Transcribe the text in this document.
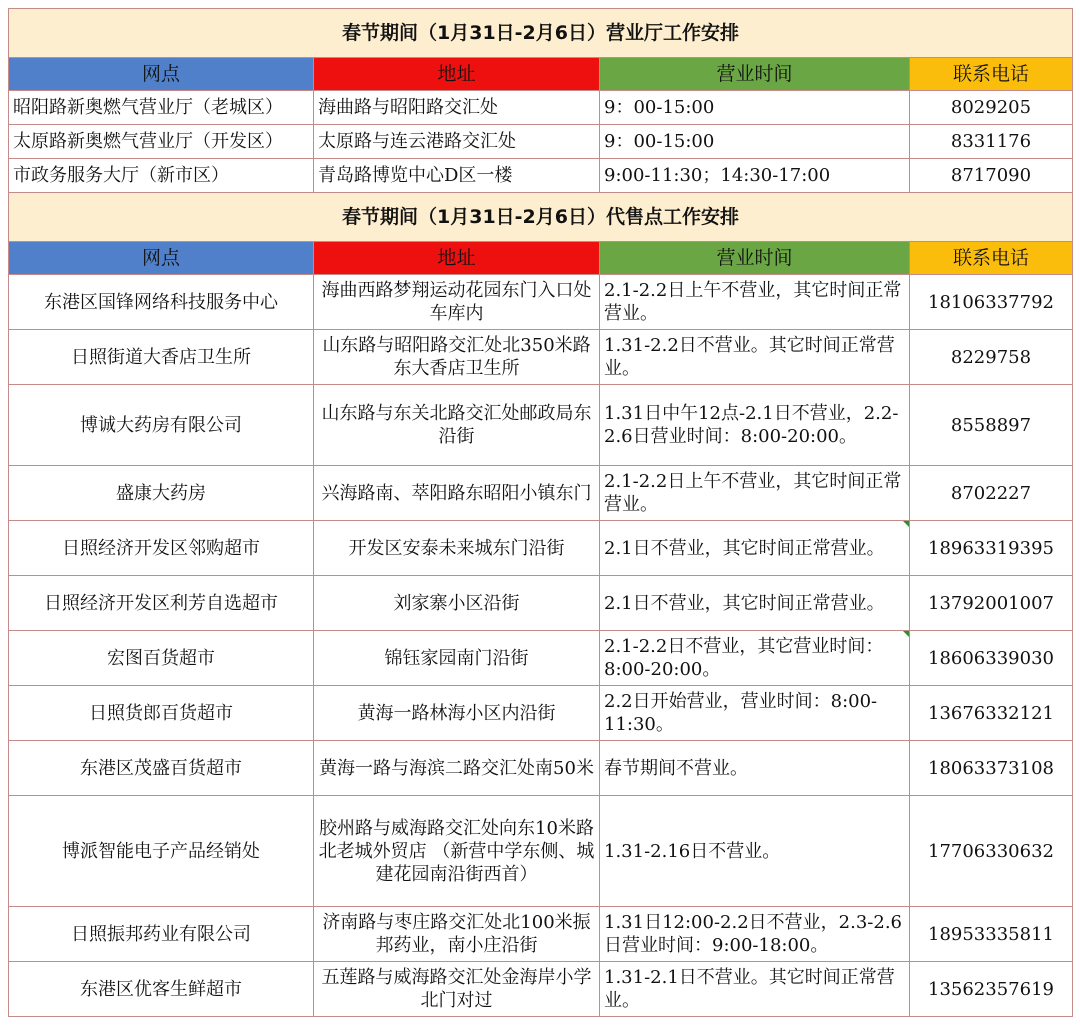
春节期间（1月31日-2月6日）营业厅工作安排			
网点	地址	营业时间	联系电话
昭阳路新奥燃气营业厅（老城区）	海曲路与昭阳路交汇处	9：00-15:00	8029205
太原路新奥燃气营业厅（开发区）	太原路与连云港路交汇处	9：00-15:00	8331176
市政务服务大厅（新市区）	青岛路博览中心D区一楼	9:00-11:30；14:30-17:00	8717090
春节期间（1月31日-2月6日）代售点工作安排			
网点	地址	营业时间	联系电话
东港区国锋网络科技服务中心	海曲西路梦翔运动花园东门入口处车库内	2.1-2.2日上午不营业，其它时间正常营业。	18106337792
日照街道大香店卫生所	山东路与昭阳路交汇处北350米路东大香店卫生所	1.31-2.2日不营业。其它时间正常营业。	8229758
博诚大药房有限公司	山东路与东关北路交汇处邮政局东沿街	1.31日中午12点-2.1日不营业，2.2-2.6日营业时间：8:00-20:00。	8558897
盛康大药房	兴海路南、萃阳路东昭阳小镇东门	2.1-2.2日上午不营业，其它时间正常营业。	8702227
日照经济开发区邻购超市	开发区安泰未来城东门沿街	2.1日不营业，其它时间正常营业。	18963319395
日照经济开发区利芳自选超市	刘家寨小区沿街	2.1日不营业，其它时间正常营业。	13792001007
宏图百货超市	锦钰家园南门沿街	2.1-2.2日不营业，其它营业时间：8:00-20:00。	18606339030
日照货郎百货超市	黄海一路林海小区内沿街	2.2日开始营业，营业时间：8:00-11:30。	13676332121
东港区茂盛百货超市	黄海一路与海滨二路交汇处南50米	春节期间不营业。	18063373108
博派智能电子产品经销处	胶州路与威海路交汇处向东10米路北老城外贸店 （新营中学东侧、城建花园南沿街西首）	1.31-2.16日不营业。	17706330632
日照振邦药业有限公司	济南路与枣庄路交汇处北100米振邦药业，南小庄沿街	1.31日12:00-2.2日不营业，2.3-2.6日营业时间：9:00-18:00。	18953335811
东港区优客生鲜超市	五莲路与威海路交汇处金海岸小学北门对过	1.31-2.1日不营业。其它时间正常营业。	13562357619
